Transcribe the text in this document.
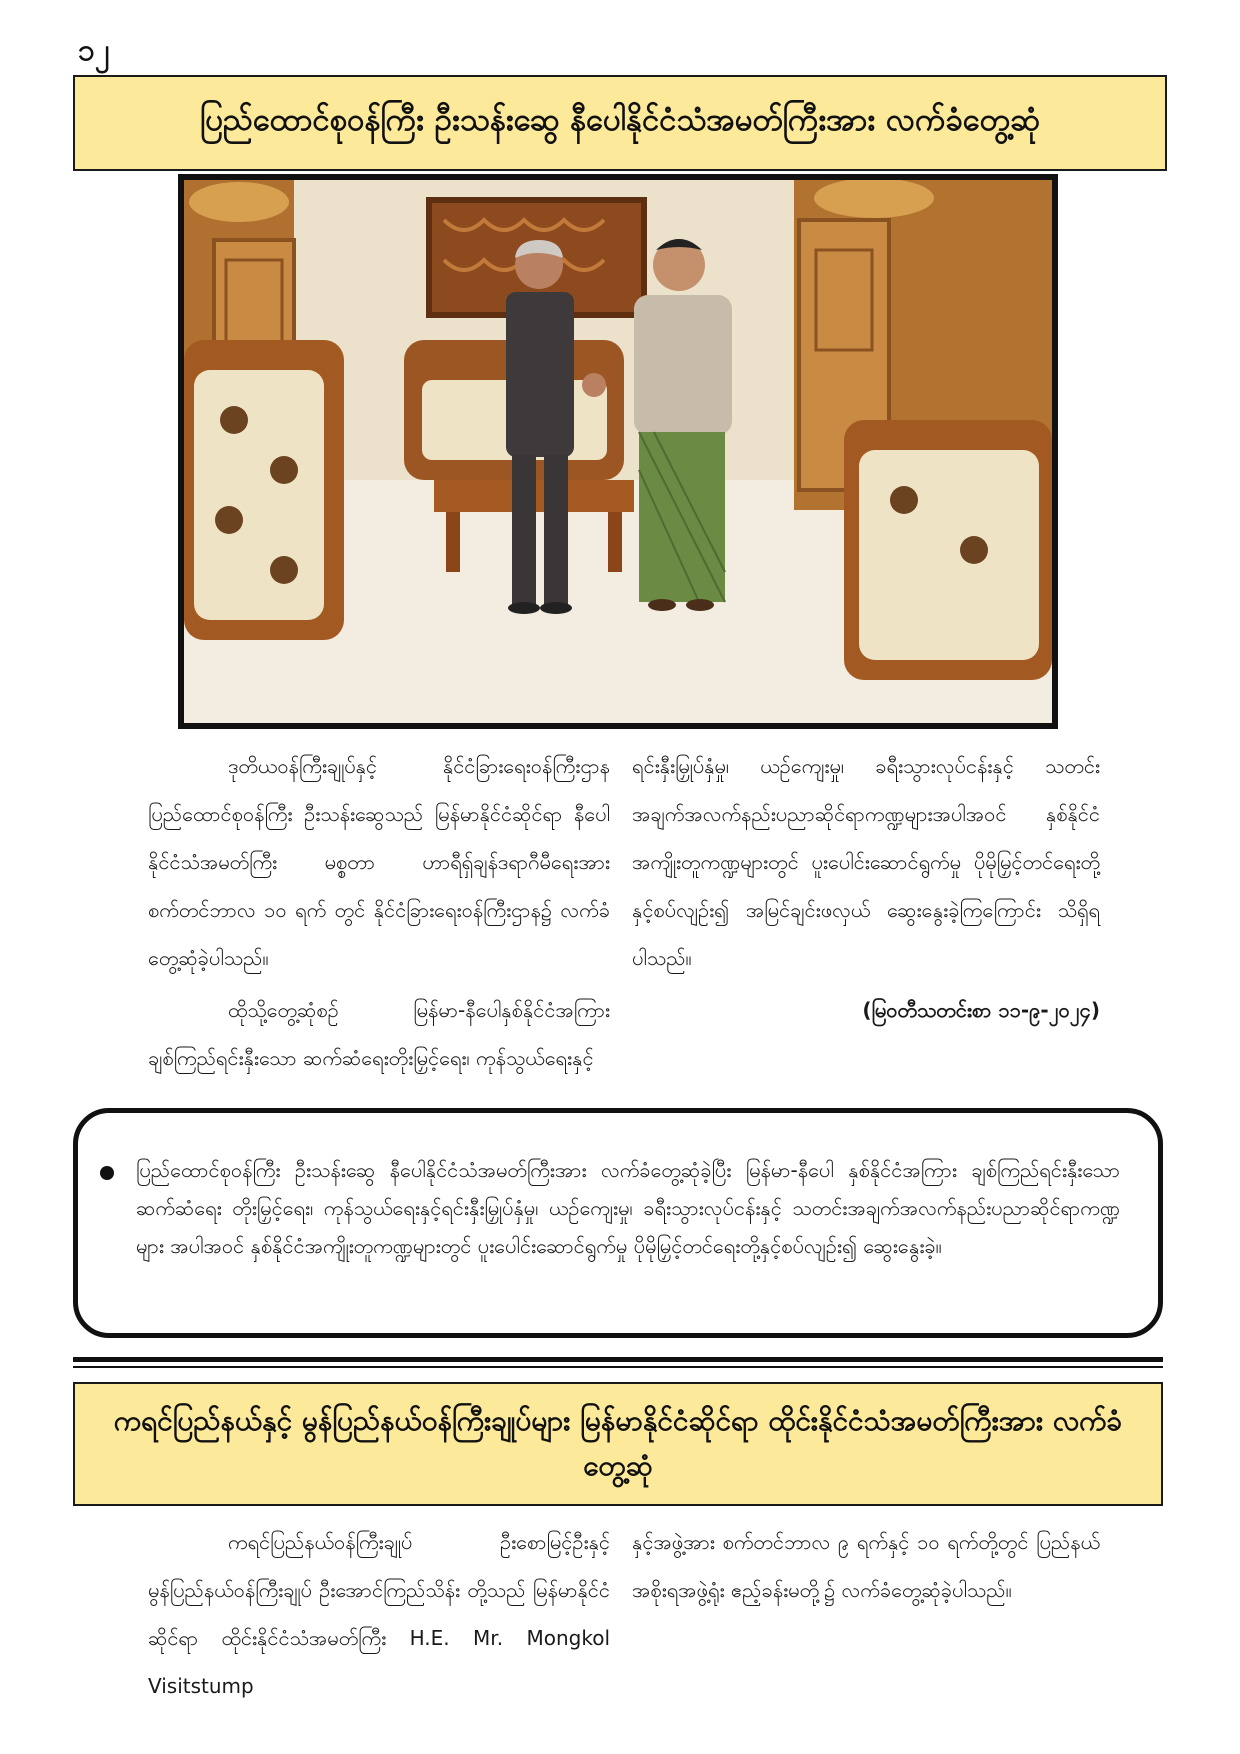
၁၂
ပြည်ထောင်စုဝန်ကြီး ဦးသန်းဆွေ နီပေါနိုင်ငံသံအမတ်ကြီးအား လက်ခံတွေ့ဆုံ

ဒုတိယဝန်ကြီးချုပ်နှင့် နိုင်ငံခြားရေးဝန်ကြီးဌာန ပြည်ထောင်စုဝန်ကြီး ဦးသန်းဆွေသည် မြန်မာနိုင်ငံဆိုင်ရာ နီပေါနိုင်ငံသံအမတ်ကြီး မစ္စတာ ဟာရီရှ်ချန်ဒရာဂီမီရေးအား စက်တင်ဘာလ ၁၀ ရက် တွင် နိုင်ငံခြားရေးဝန်ကြီးဌာန၌ လက်ခံတွေ့ဆုံခဲ့ပါသည်။

ထိုသို့တွေ့ဆုံစဉ် မြန်မာ-နီပေါနှစ်နိုင်ငံအကြား ချစ်ကြည်ရင်းနှီးသော ဆက်ဆံရေးတိုးမြှင့်ရေး၊ ကုန်သွယ်ရေးနှင့်

ရင်းနှီးမြှုပ်နှံမှု၊ ယဉ်ကျေးမှု၊ ခရီးသွားလုပ်ငန်းနှင့် သတင်းအချက်အလက်နည်းပညာဆိုင်ရာကဏ္ဍများအပါအဝင် နှစ်နိုင်ငံအကျိုးတူကဏ္ဍများတွင် ပူးပေါင်းဆောင်ရွက်မှု ပိုမိုမြှင့်တင်ရေးတို့နှင့်စပ်လျဉ်း၍ အမြင်ချင်းဖလှယ် ဆွေးနွေးခဲ့ကြကြောင်း သိရှိရပါသည်။

(မြဝတီသတင်းစာ ၁၁-၉-၂၀၂၄)

ပြည်ထောင်စုဝန်ကြီး ဦးသန်းဆွေ နီပေါနိုင်ငံသံအမတ်ကြီးအား လက်ခံတွေ့ဆုံခဲ့ပြီး မြန်မာ-နီပေါ နှစ်နိုင်ငံအကြား ချစ်ကြည်ရင်းနှီးသောဆက်ဆံရေး တိုးမြှင့်ရေး၊ ကုန်သွယ်ရေးနှင့်ရင်းနှီးမြှုပ်နှံမှု၊ ယဉ်ကျေးမှု၊ ခရီးသွားလုပ်ငန်းနှင့် သတင်းအချက်အလက်နည်းပညာဆိုင်ရာကဏ္ဍများ အပါအဝင် နှစ်နိုင်ငံအကျိုးတူကဏ္ဍများတွင် ပူးပေါင်းဆောင်ရွက်မှု ပိုမိုမြှင့်တင်ရေးတို့နှင့်စပ်လျဉ်း၍ ဆွေးနွေးခဲ့။

ကရင်ပြည်နယ်နှင့် မွန်ပြည်နယ်ဝန်ကြီးချုပ်များ မြန်မာနိုင်ငံဆိုင်ရာ ထိုင်းနိုင်ငံသံအမတ်ကြီးအား လက်ခံတွေ့ဆုံ

ကရင်ပြည်နယ်ဝန်ကြီးချုပ် ဦးစောမြင့်ဦးနှင့် မွန်ပြည်နယ်ဝန်ကြီးချုပ် ဦးအောင်ကြည်သိန်း တို့သည် မြန်မာနိုင်ငံဆိုင်ရာ ထိုင်းနိုင်ငံသံအမတ်ကြီး H.E. Mr. Mongkol Visitstump

နှင့်အဖွဲ့အား စက်တင်ဘာလ ၉ ရက်နှင့် ၁၀ ရက်တို့တွင် ပြည်နယ်အစိုးရအဖွဲ့ရုံး ဧည့်ခန်းမတို့၌ လက်ခံတွေ့ဆုံခဲ့ပါသည်။
